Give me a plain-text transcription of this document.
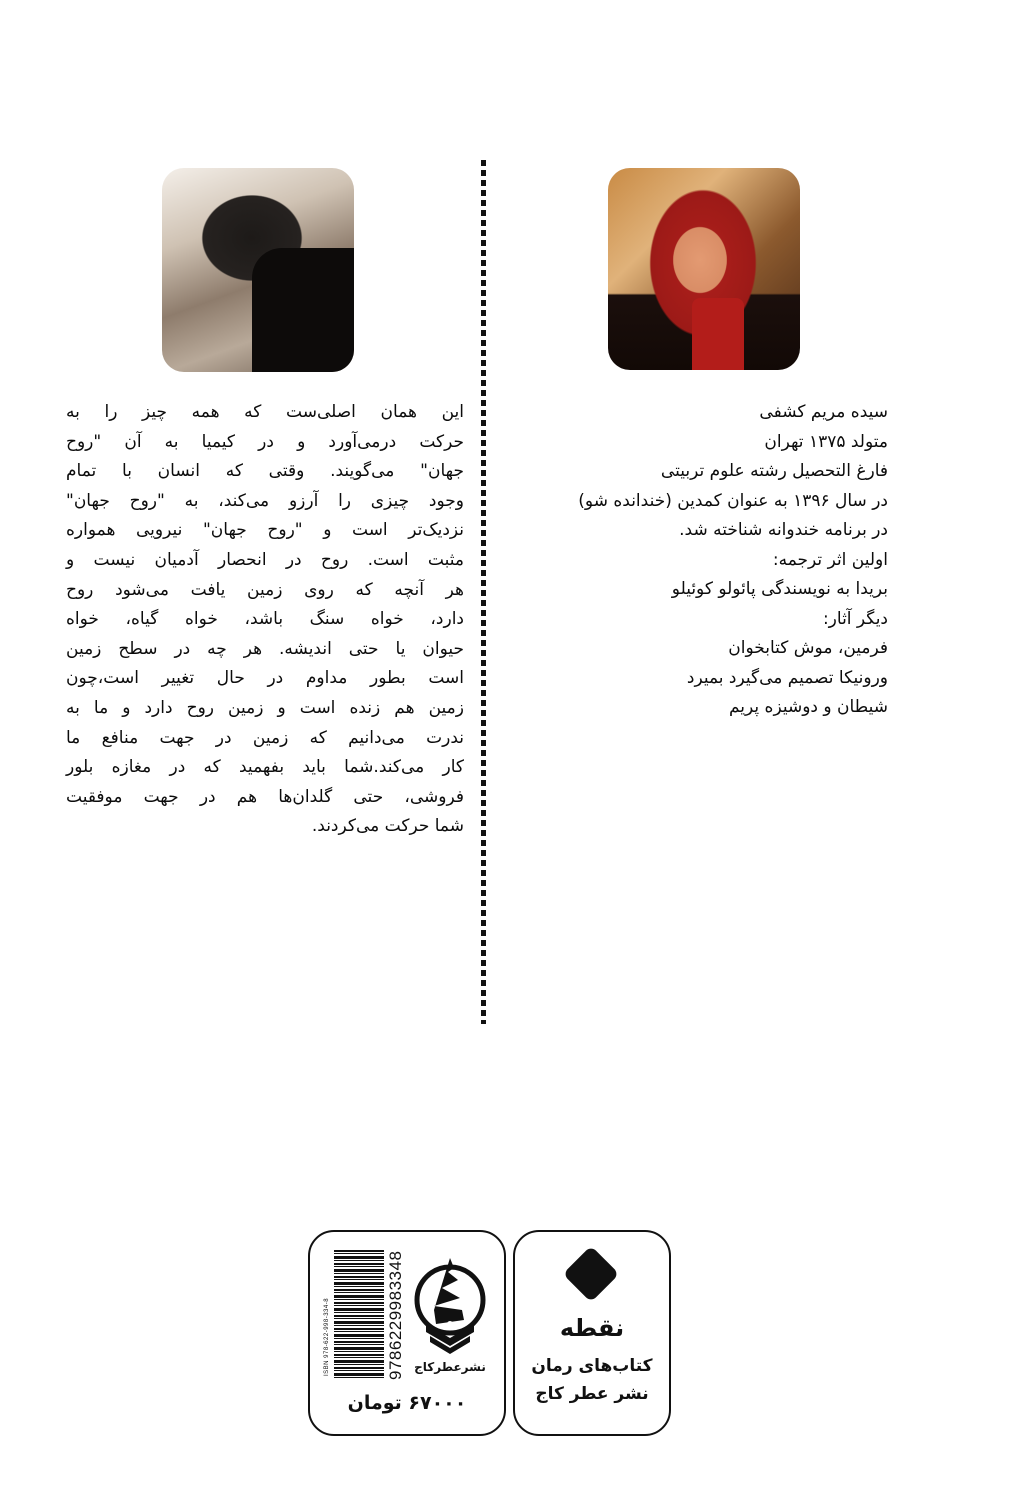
سیده مریم کشفی
متولد ۱۳۷۵ تهران
فارغ التحصیل رشته علوم تربیتی
در سال ۱۳۹۶ به عنوان کمدین (خندانده شو)
در برنامه خندوانه شناخته شد.
اولین اثر ترجمه:
بریدا به نویسندگی پائولو کوئیلو
دیگر آثار:
فرمین، موش کتابخوان
ورونیکا تصمیم می‌گیرد بمیرد
شیطان و دوشیزه پریم
این همان اصلی‌ست که همه چیز را به
حرکت درمی‌آورد و در کیمیا به آن "روح
جهان" می‌گویند. وقتی که انسان با تمام
وجود چیزی را آرزو می‌کند، به "روح جهان"
نزدیک‌تر است و "روح جهان" نیرویی همواره
مثبت است. روح در انحصار آدمیان نیست و
هر آنچه که روی زمین یافت می‌شود روح
دارد، خواه سنگ باشد، خواه گیاه، خواه
حیوان یا حتی اندیشه. هر چه در سطح زمین
است بطور مداوم در حال تغییر است،چون
زمین هم زنده است و زمین روح دارد و ما به
ندرت می‌دانیم که زمین در جهت منافع ما
کار می‌کند.شما باید بفهمید که در مغازه بلور
فروشی، حتی گلدان‌ها هم در جهت موفقیت
شما حرکت می‌کردند.
ISBN 978-622-998-334-8	9786229983348 نشرعطرکاج
۶۷۰۰۰ تومان
نقطه
کتاب‌های رمان
نشر عطر کاج
